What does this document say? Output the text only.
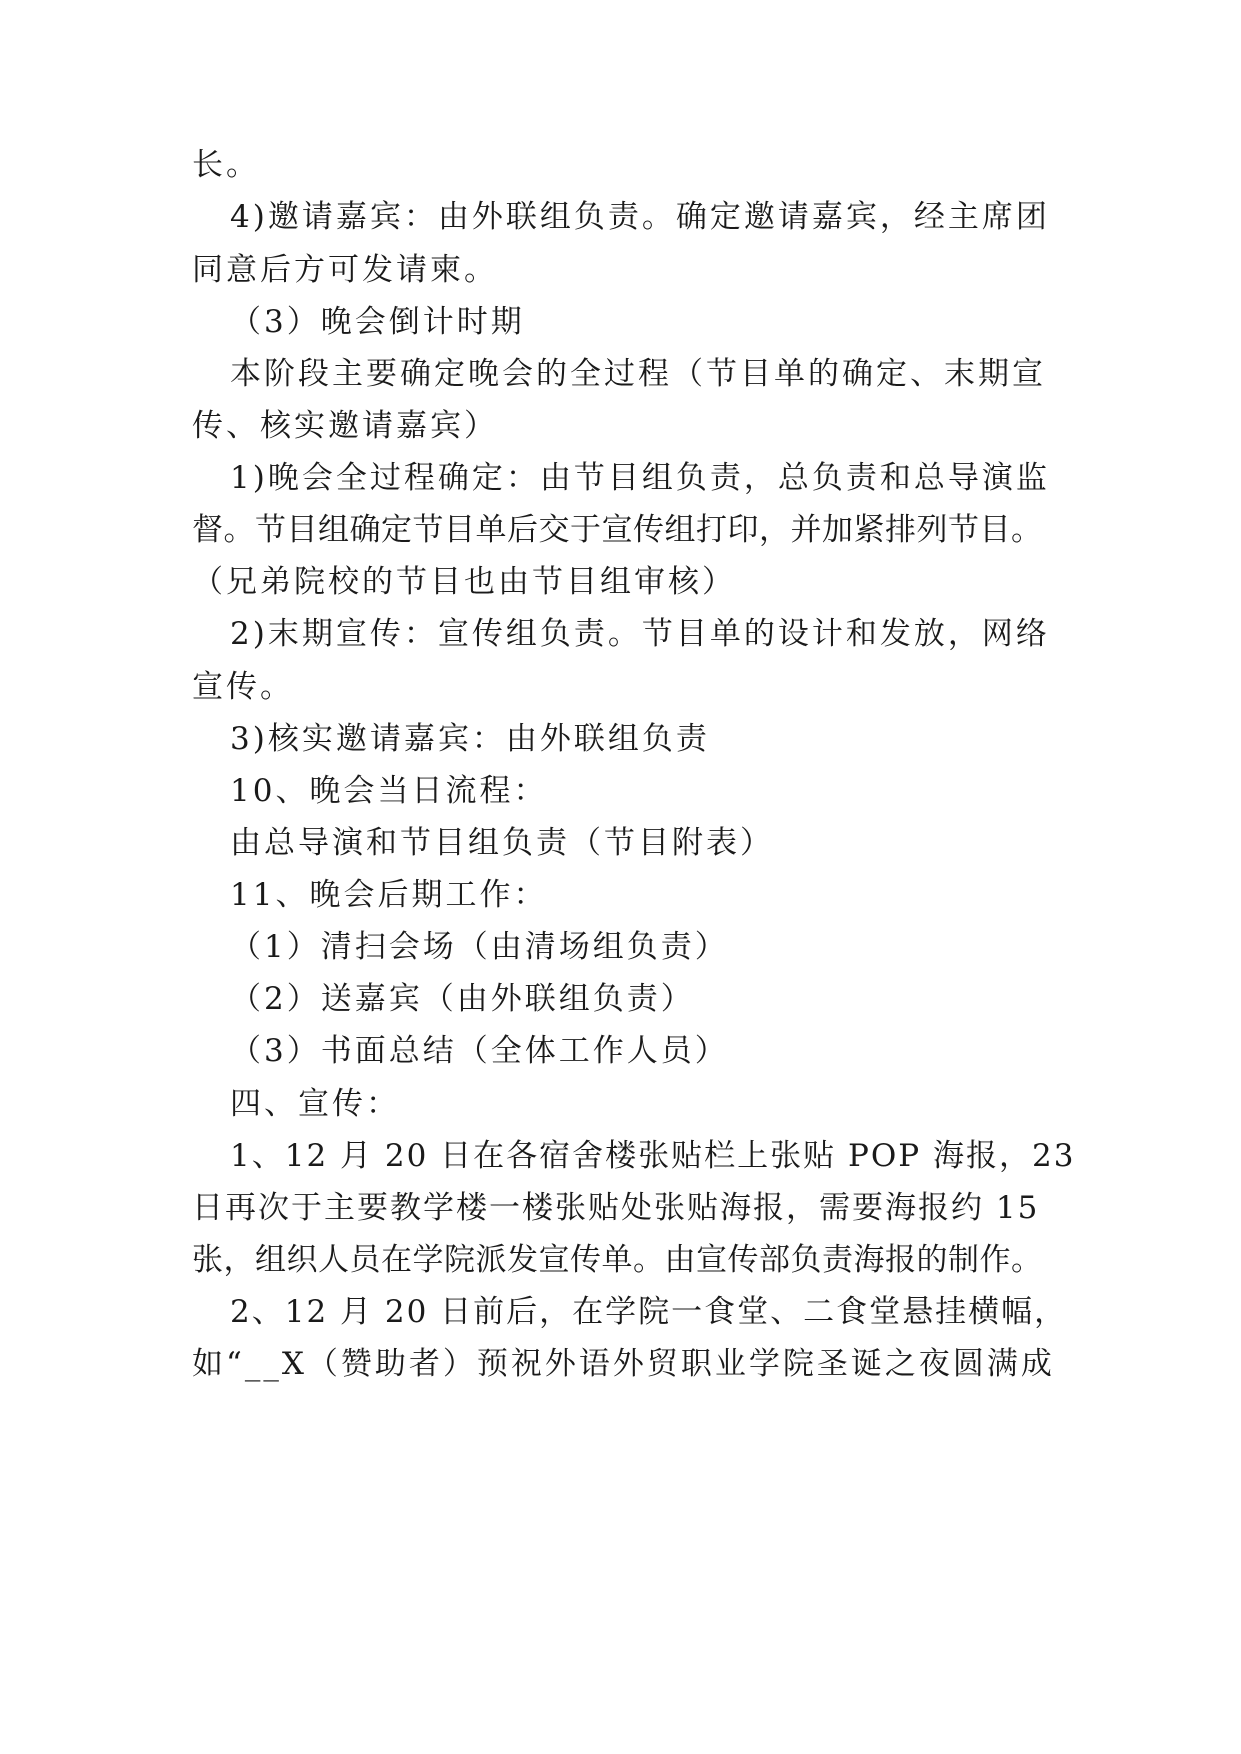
长。
4)邀请嘉宾：由外联组负责。确定邀请嘉宾，经主席团
同意后方可发请柬。
（3）晚会倒计时期
本阶段主要确定晚会的全过程（节目单的确定、末期宣
传、核实邀请嘉宾）
1)晚会全过程确定：由节目组负责，总负责和总导演监
督。节目组确定节目单后交于宣传组打印，并加紧排列节目。
（兄弟院校的节目也由节目组审核）
2)末期宣传：宣传组负责。节目单的设计和发放，网络
宣传。
3)核实邀请嘉宾：由外联组负责
10、晚会当日流程：
由总导演和节目组负责（节目附表）
11、晚会后期工作：
（1）清扫会场（由清场组负责）
（2）送嘉宾（由外联组负责）
（3）书面总结（全体工作人员）
四、宣传：
1、12 月 20 日在各宿舍楼张贴栏上张贴 POP 海报，23
日再次于主要教学楼一楼张贴处张贴海报，需要海报约 15
张，组织人员在学院派发宣传单。由宣传部负责海报的制作。
2、12 月 20 日前后，在学院一食堂、二食堂悬挂横幅，
如“__X（赞助者）预祝外语外贸职业学院圣诞之夜圆满成
